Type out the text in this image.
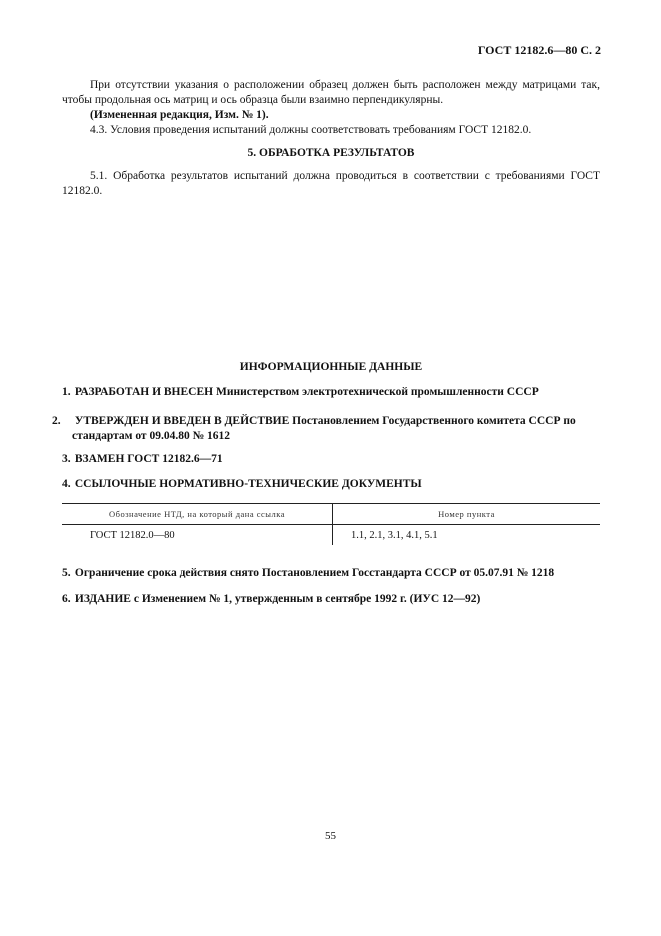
ГОСТ 12182.6—80 С. 2
При отсутствии указания о расположении образец должен быть расположен между матрицами так, чтобы продольная ось матриц и ось образца были взаимно перпендикулярны.
(Измененная редакция, Изм. № 1).
4.3. Условия проведения испытаний должны соответствовать требованиям ГОСТ 12182.0.
5. ОБРАБОТКА РЕЗУЛЬТАТОВ
5.1. Обработка результатов испытаний должна проводиться в соответствии с требованиями ГОСТ 12182.0.
ИНФОРМАЦИОННЫЕ ДАННЫЕ
1. РАЗРАБОТАН И ВНЕСЕН Министерством электротехнической промышленности СССР
2. УТВЕРЖДЕН И ВВЕДЕН В ДЕЙСТВИЕ Постановлением Государственного комитета СССР по стандартам от 09.04.80 № 1612
3. ВЗАМЕН ГОСТ 12182.6—71
4. ССЫЛОЧНЫЕ НОРМАТИВНО-ТЕХНИЧЕСКИЕ ДОКУМЕНТЫ
Обозначение НТД, на который дана ссылка	Номер пункта
ГОСТ 12182.0—80	1.1, 2.1, 3.1, 4.1, 5.1
5. Ограничение срока действия снято Постановлением Госстандарта СССР от 05.07.91 № 1218
6. ИЗДАНИЕ с Изменением № 1, утвержденным в сентябре 1992 г. (ИУС 12—92)
55
